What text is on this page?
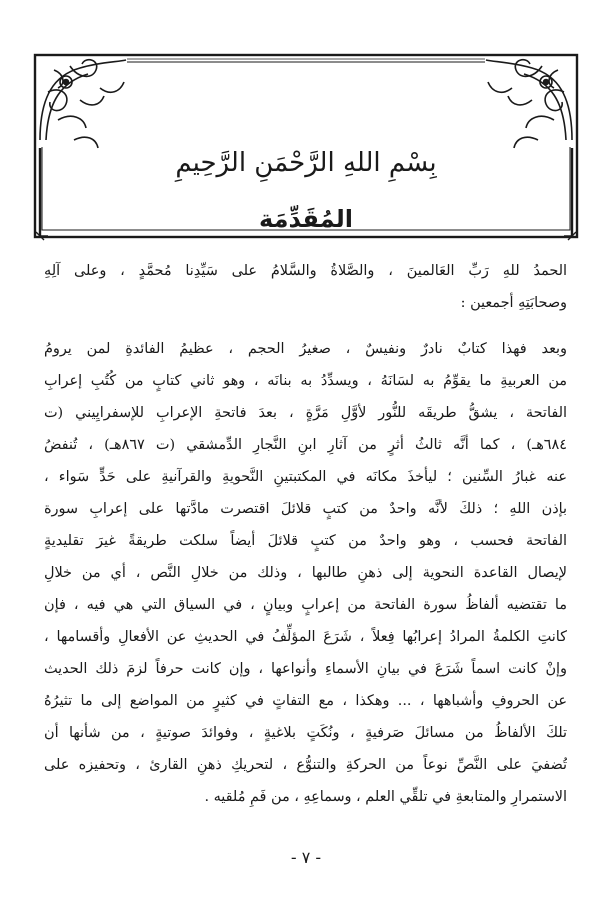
بِسْمِ اللهِ الرَّحْمَنِ الرَّحِيمِ
المُقَدِّمَة
الحمدُ للهِ رَبِّ العَالمينَ ، والصَّلاةُ والسَّلامُ على سَيِّدِنا مُحمَّدٍ ، وعلى آلِهِ
وصحابَتِهِ أجمعين :
وبعد فهذا كتابٌ نادرٌ ونفيسٌ ، صغيرُ الحجم ، عظيمُ الفائدةِ لمن يرومُ
من العربيةِ ما يقوِّمُ به لسَانَهُ ، ويسدِّدُ به بنانَه ، وهو ثاني كتابٍ من كُتُبِ إعرابِ
الفاتحة ، يشقُّ طريقَه للنُّور لأوَّلِ مَرَّةٍ ، بعدَ فاتحةِ الإعرابِ للإسفرايِيني (ت
٦٨٤هـ) ، كما أنَّه ثالثُ أثرٍ من آثارِ ابنِ النَّجارِ الدِّمشقي (ت ٨٦٧هـ) ، تُنفضُ
عنه غبارُ السِّنين ؛ ليأخذَ مكانَه في المكتبتينِ النَّحويةِ والقرآنيةِ على حَدٍّ سَواء ،
بإذن اللهِ ؛ ذلكَ لأنَّه واحدٌ من كتبٍ قلائلَ اقتصرت مادَّتها على إعرابِ سورة
الفاتحة فحسب ، وهو واحدٌ من كتبٍ قلائلَ أيضاً سلكت طريقةً غيرَ تقليديةٍ
لإيصال القاعدة النحوية إلى ذهنِ طالبها ، وذلك من خلالِ النَّص ، أي من خلالِ
ما تقتضيه ألفاظُ سورة الفاتحة من إعرابٍ وبيانٍ ، في السياق التي هي فيه ، فإن
كانتِ الكلمةُ المرادُ إعرابُها فِعلاً ، شَرَعَ المؤلِّفُ في الحديثِ عن الأفعالِ وأقسامها ،
وإنْ كانت اسماً شَرَعَ في بيانِ الأسماءِ وأنواعها ، وإن كانت حرفاً لزمَ ذلك الحديث
عن الحروفِ وأشباهها ، ... وهكذا ، مع التفاتٍ في كثيرٍ من المواضع إلى ما تثيرُهُ
تلكَ الألفاظُ من مسائلَ صَرفيةٍ ، ونُكَتٍ بلاغيةٍ ، وفوائدَ صوتيةٍ ، من شأنها أن
تُضفيَ على النَّصِّ نوعاً من الحركةِ والتنوُّع ، لتحريكِ ذهنِ القارئ ، وتحفيزه على
الاستمرارِ والمتابعةِ في تلقِّي العلم ، وسماعِهِ ، من فَمِ مُلقيه .
- ٧ -
